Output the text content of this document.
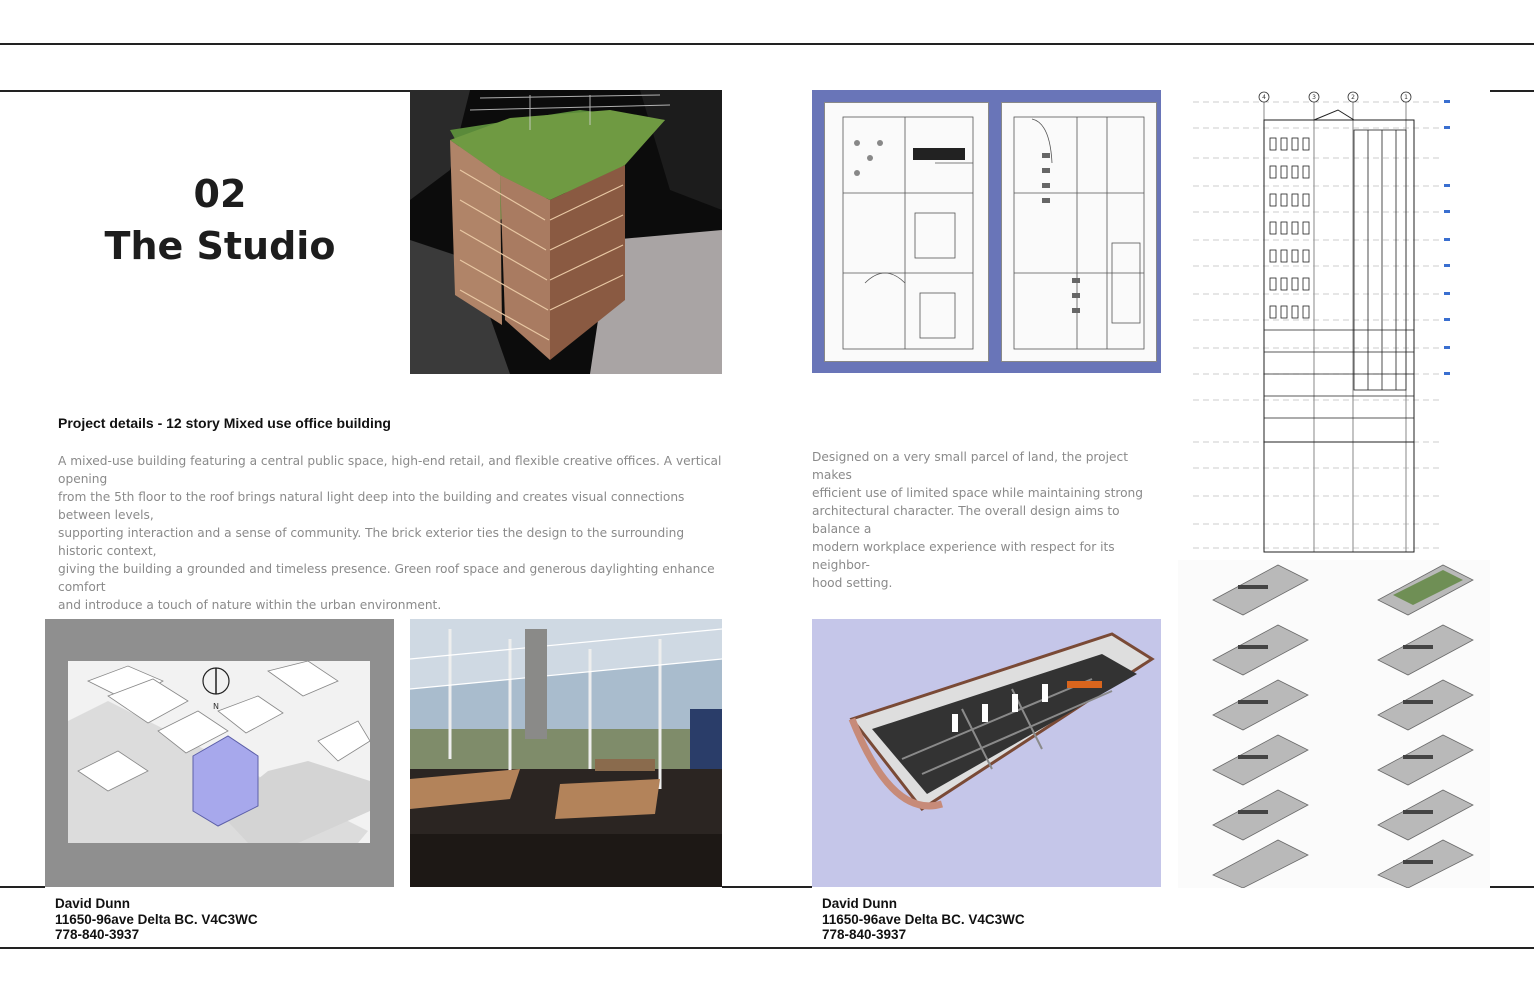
02
The Studio
4	3	2	1
Project details - 12 story Mixed use office building
A mixed-use building featuring a central public space, high-end retail, and flexible creative offices. A vertical opening
from the 5th floor to the roof brings natural light deep into the building and creates visual connections between levels,
supporting interaction and a sense of community. The brick exterior ties the design to the surrounding historic context,
giving the building a grounded and timeless presence. Green roof space and generous daylighting enhance comfort
and introduce a touch of nature within the urban environment.
Designed on a very small parcel of land, the project makes
efficient use of limited space while maintaining strong
architectural character. The overall design aims to balance a
modern workplace experience with respect for its neighbor-
hood setting.
N
David Dunn
11650-96ave Delta BC. V4C3WC
778-840-3937
David Dunn
11650-96ave Delta BC. V4C3WC
778-840-3937
